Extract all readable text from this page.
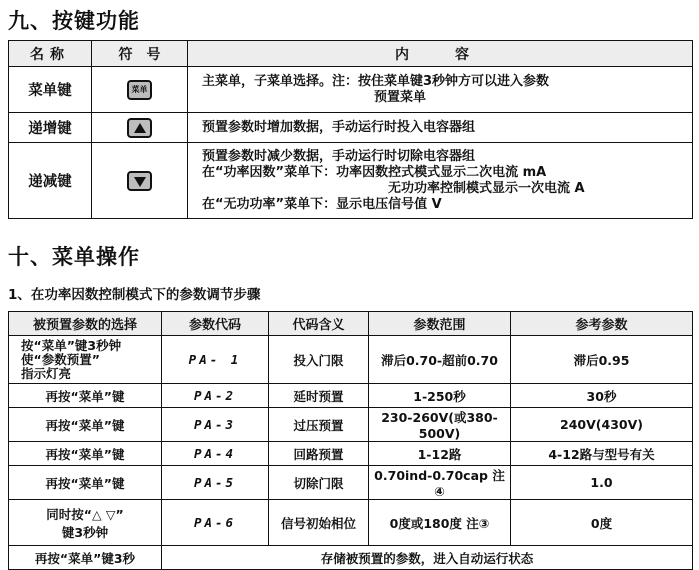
九、按键功能
名称	符　号	内　容
菜单键	菜单	主菜单，子菜单选择。注：按住菜单键3秒钟方可以进入参数
预置菜单

递增键		预置参数时增加数据，手动运行时投入电容器组
递减键		预置参数时减少数据，手动运行时切除电容器组
在“功率因数”菜单下：功率因数控式模式显示二次电流 mA
无功功率控制模式显示一次电流 A
在“无功功率”菜单下：显示电压信号值 V
十、菜单操作
1、在功率因数控制模式下的参数调节步骤
被预置参数的选择	参数代码	代码含义	参数范围	参考参数

按“菜单”键3秒钟
使“参数预置”
指示灯亮	PA- 1	投入门限	滞后0.70-超前0.70	滞后0.95
再按“菜单”键	PA-2	延时预置	1-250秒	30秒
再按“菜单”键	PA-3	过压预置	230-260V(或380-500V)	240V(430V)
再按“菜单”键	PA-4	回路预置	1-12路	4-12路与型号有关
再按“菜单”键	PA-5	切除门限	0.70ind-0.70cap 注④	1.0

同时按“△ ▽”
键3秒钟	PA-6	信号初始相位	0度或180度 注③	0度
再按“菜单”键3秒	存储被预置的参数，进入自动运行状态			
